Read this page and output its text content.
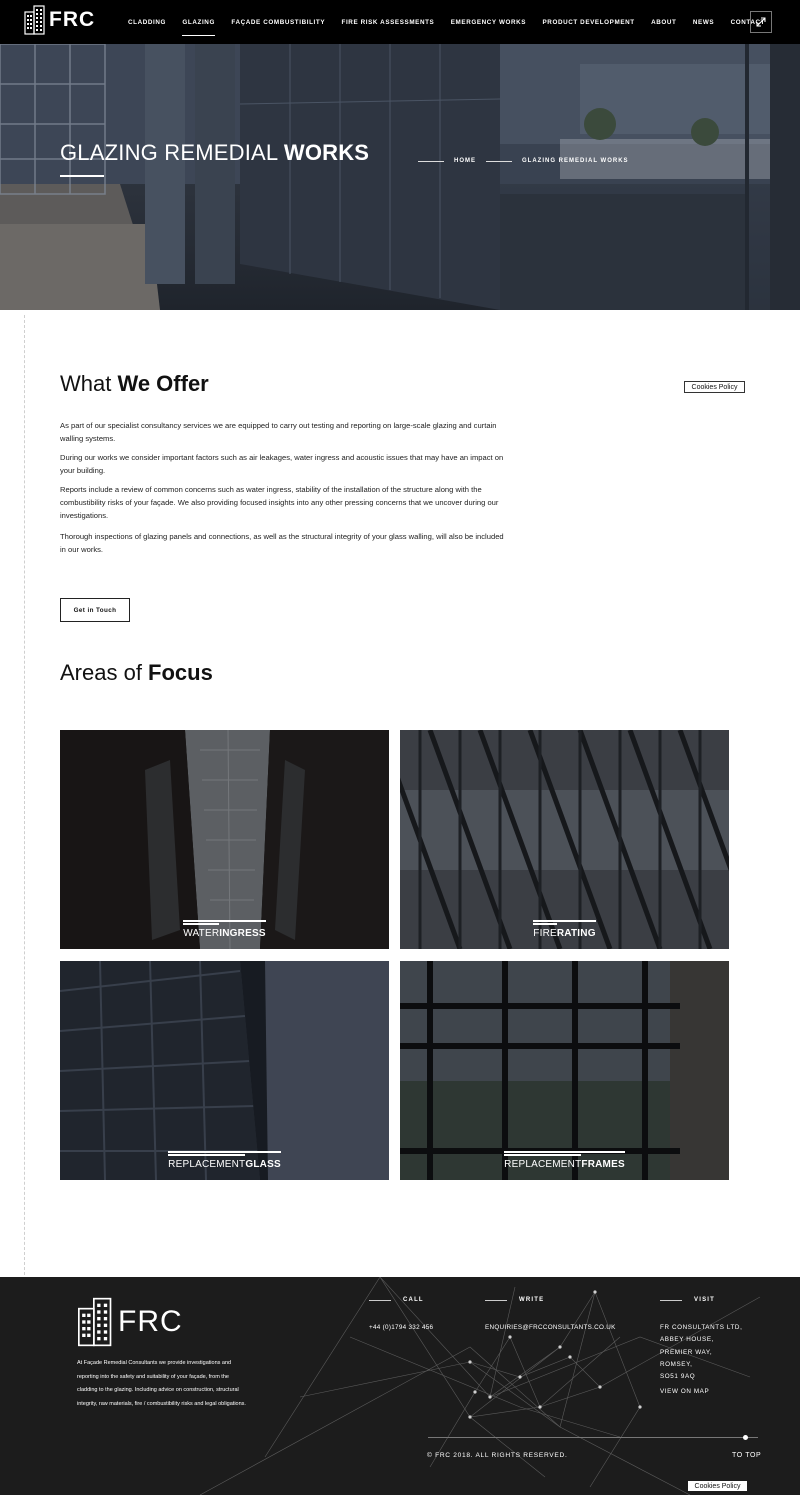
FRC	CLADDING	GLAZING	FAÇADE COMBUSTIBILITY	FIRE RISK ASSESSMENTS	EMERGENCY WORKS	PRODUCT DEVELOPMENT	ABOUT	NEWS	CONTACT
GLAZING REMEDIAL WORKS	HOME	GLAZING REMEDIAL WORKS
What We Offer	Cookies Policy

As part of our specialist consultancy services we are equipped to carry out testing and reporting on large-scale glazing and curtain walling systems.

During our works we consider important factors such as air leakages, water ingress and acoustic issues that may have an impact on your building.

Reports include a review of common concerns such as water ingress, stability of the installation of the structure along with the combustibility risks of your façade. We also providing focused insights into any other pressing concerns that we uncover during our investigations.

Thorough inspections of glazing panels and connections, as well as the structural integrity of your glass walling, will also be included in our works.

Get in Touch
Areas of Focus
WATERINGRESS	FIRERATING
REPLACEMENTGLASS	REPLACEMENTFRAMES
FRC

At Façade Remedial Consultants we provide investigations and reporting into the safety and suitability of your façade, from the cladding to the glazing. Including advice on construction, structural integrity, raw materials, fire / combustibility risks and legal obligations.

CALL
+44 (0)1794 332 456
WRITE
ENQUIRIES@FRCCONSULTANTS.CO.UK
VISIT
FR CONSULTANTS LTD,
ABBEY HOUSE,
PREMIER WAY,
ROMSEY,
SO51 9AQ
VIEW ON MAP
© FRC 2018. ALL RIGHTS RESERVED.	TO TOP
Cookies Policy
